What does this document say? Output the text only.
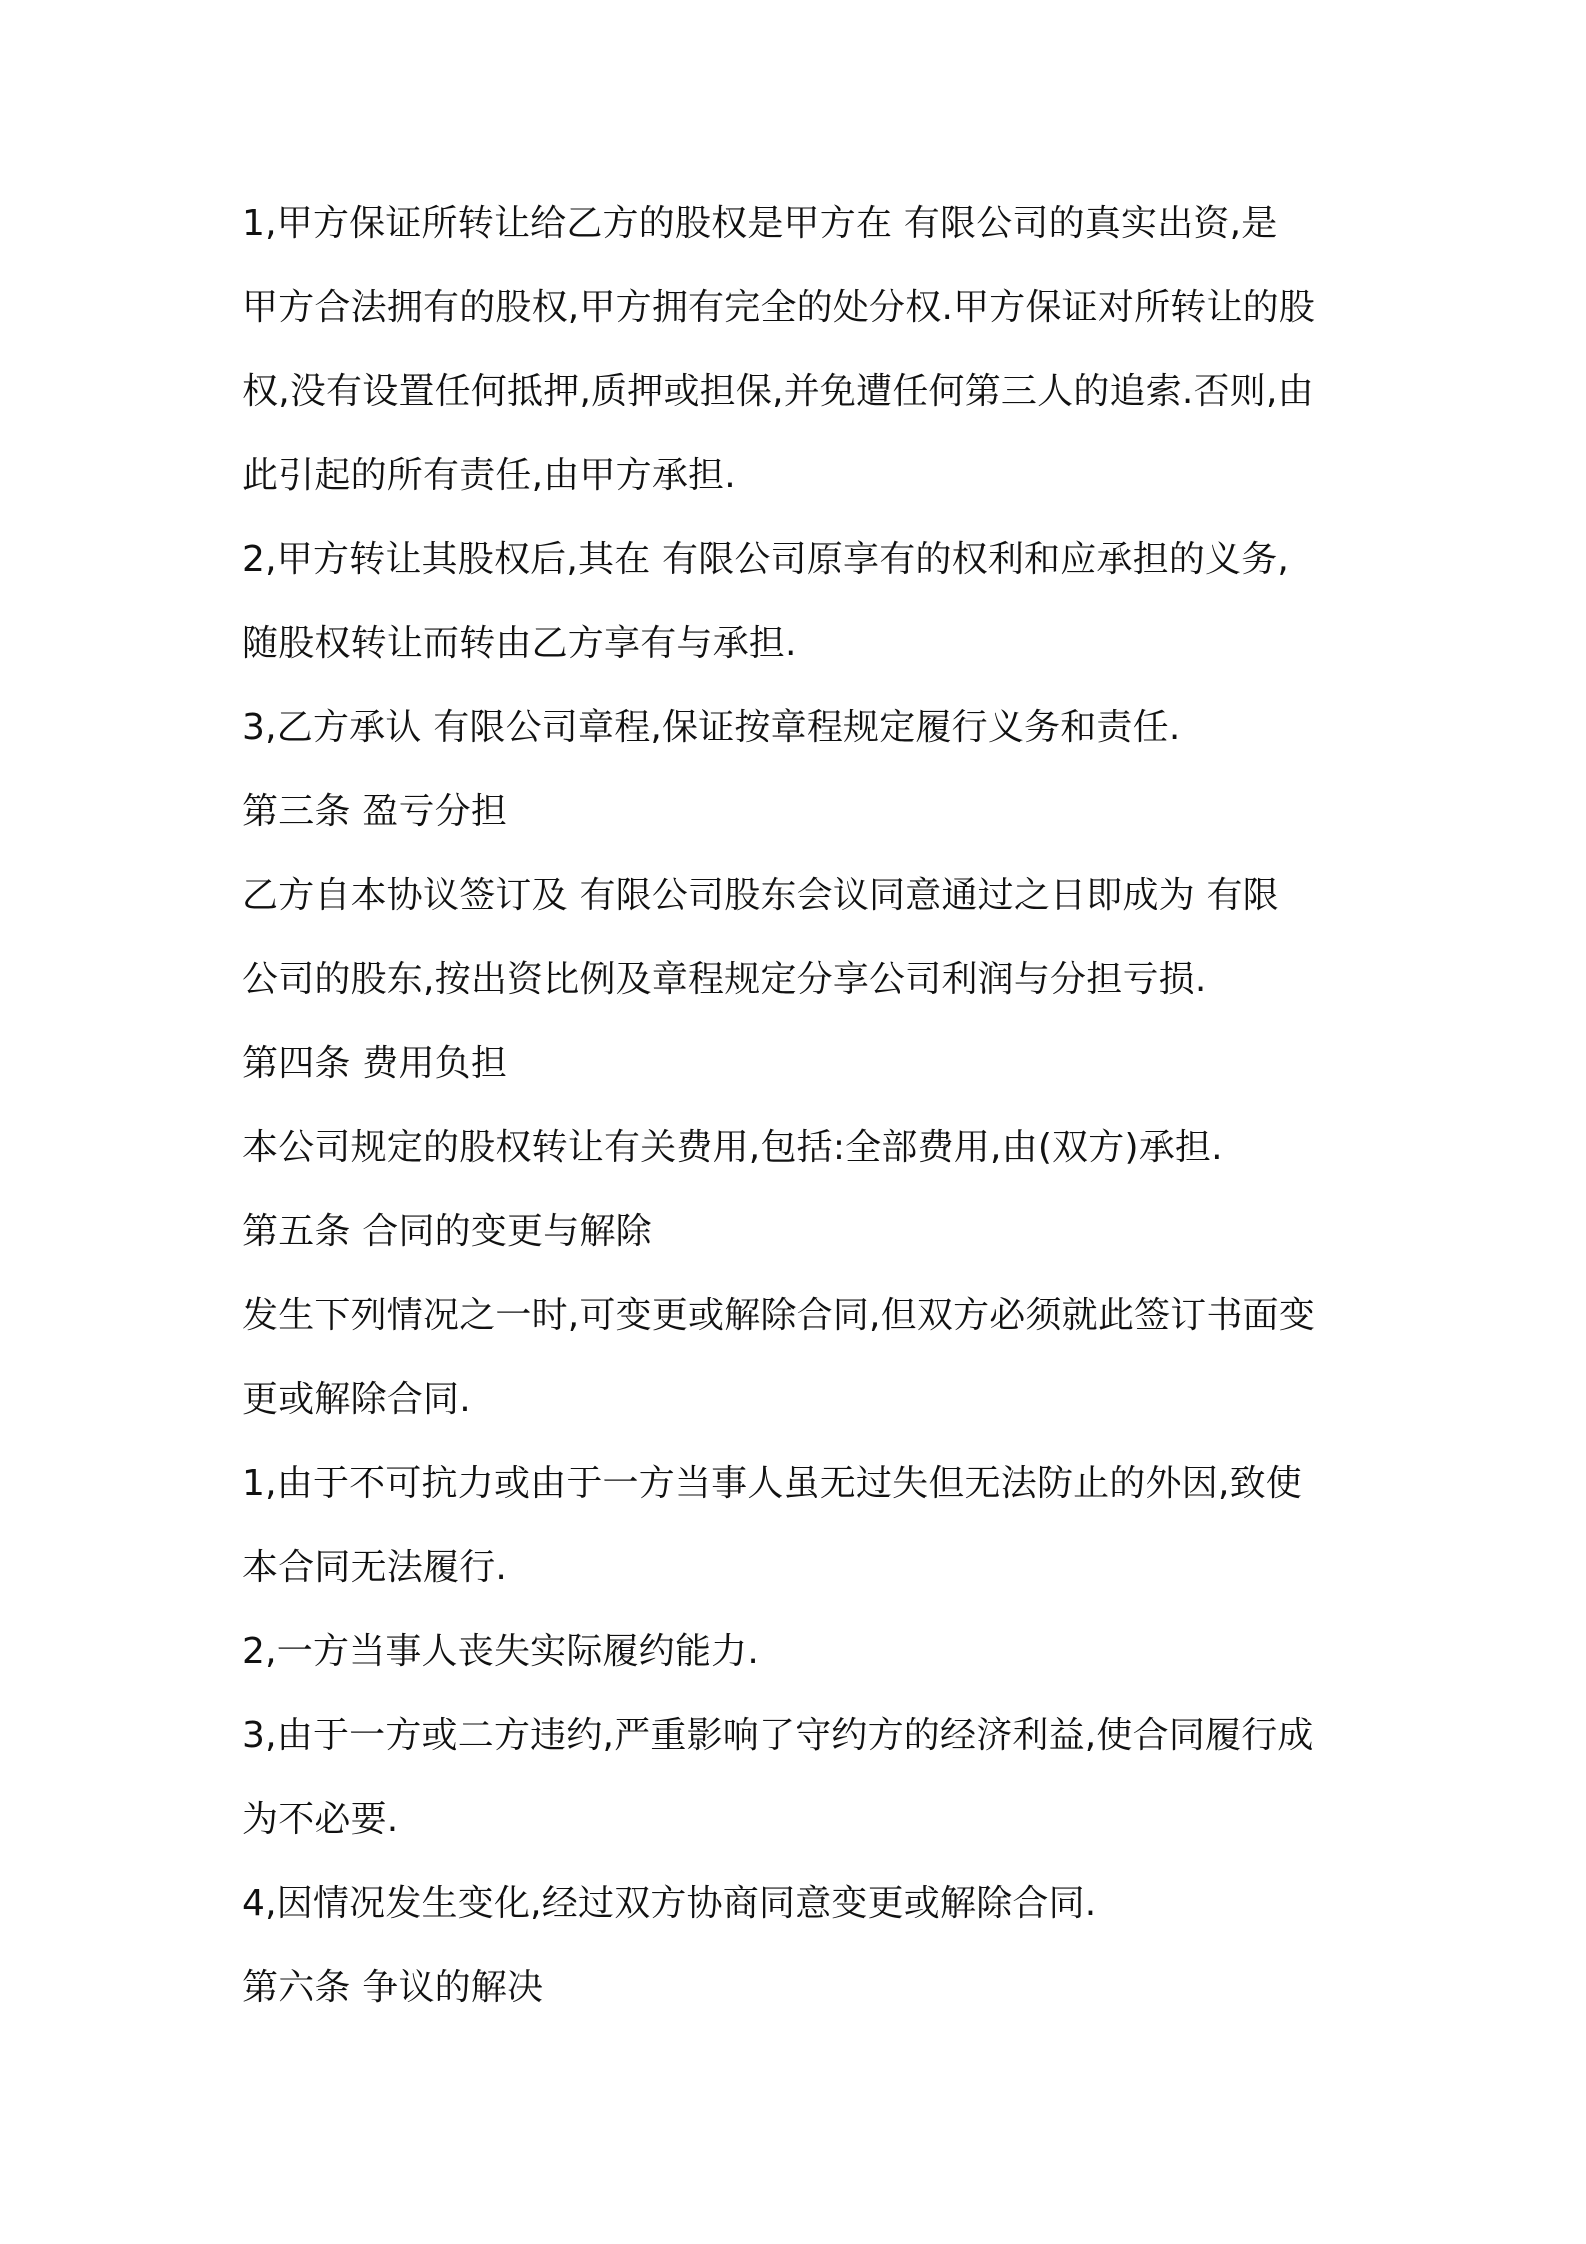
1,甲方保证所转让给乙方的股权是甲方在 有限公司的真实出资,是
甲方合法拥有的股权,甲方拥有完全的处分权.甲方保证对所转让的股
权,没有设置任何抵押,质押或担保,并免遭任何第三人的追索.否则,由
此引起的所有责任,由甲方承担.
2,甲方转让其股权后,其在 有限公司原享有的权利和应承担的义务,
随股权转让而转由乙方享有与承担.
3,乙方承认 有限公司章程,保证按章程规定履行义务和责任.
第三条 盈亏分担
乙方自本协议签订及 有限公司股东会议同意通过之日即成为 有限
公司的股东,按出资比例及章程规定分享公司利润与分担亏损.
第四条 费用负担
本公司规定的股权转让有关费用,包括:全部费用,由(双方)承担.
第五条 合同的变更与解除
发生下列情况之一时,可变更或解除合同,但双方必须就此签订书面变
更或解除合同.
1,由于不可抗力或由于一方当事人虽无过失但无法防止的外因,致使
本合同无法履行.
2,一方当事人丧失实际履约能力.
3,由于一方或二方违约,严重影响了守约方的经济利益,使合同履行成
为不必要.
4,因情况发生变化,经过双方协商同意变更或解除合同.
第六条 争议的解决
